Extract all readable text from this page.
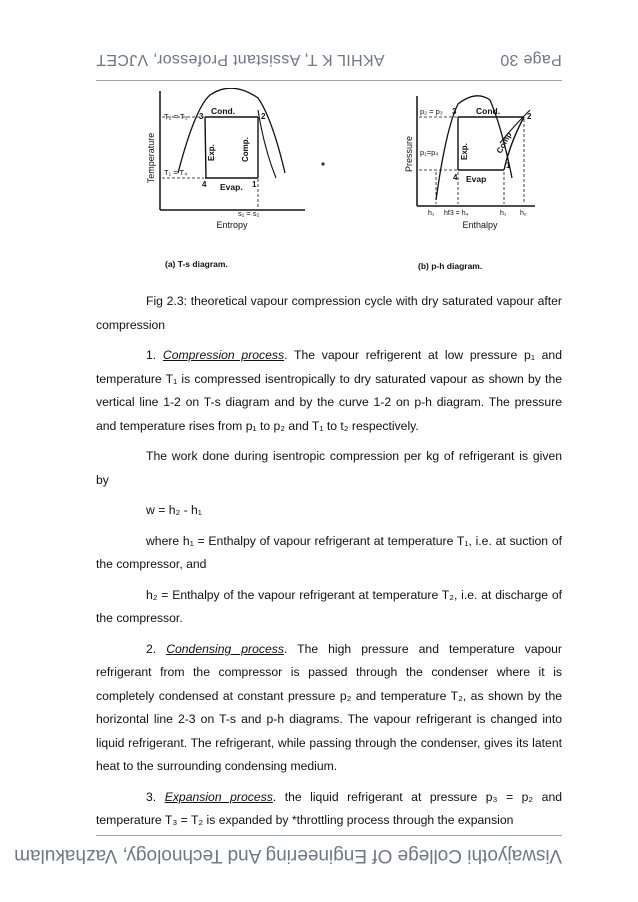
AKHIL K T, Assistant Professor, VJCET	Page 30
Temperature
Entropy
T₂ = T₃
T₁ = T₄
3	2
4	1
Cond.
Exp.	Comp.
Evap.
s₁ = s₂
(a) T-s diagram.
Pressure
Enthalpy
p₂ = p₃
p₁=p₄
3
2
4
1
Cond.
Exp.	Comp
Evap
h₁ hf3 = h₄	h₁ h₂
(b) p-h diagram.

Fig 2.3: theoretical vapour compression cycle with dry saturated vapour after compression

1. Compression process. The vapour refrigerent at low pressure p₁ and temperature T₁ is compressed isentropically to dry saturated vapour as shown by the vertical line 1-2 on T-s diagram and by the curve 1-2 on p-h diagram. The pressure and temperature rises from p₁ to p₂ and T₁ to t₂ respectively.

The work done during isentropic compression per kg of refrigerant is given by

w = h₂ - h₁

where h₁ = Enthalpy of vapour refrigerant at temperature T₁, i.e. at suction of the compressor, and

h₂ = Enthalpy of the vapour refrigerant at temperature T₂, i.e. at discharge of the compressor.

2. Condensing process. The high pressure and temperature vapour refrigerant from the compressor is passed through the condenser where it is completely condensed at constant pressure p₂ and temperature T₂, as shown by the horizontal line 2-3 on T-s and p-h diagrams. The vapour refrigerant is changed into liquid refrigerant. The refrigerant, while passing through the condenser, gives its latent heat to the surrounding condensing medium.

3. Expansion process. the liquid refrigerant at pressure p₃ = p₂ and temperature T₃ = T₂ is expanded by *throttling process through the expansion

Viswajyothi College Of Engineering And Technology, Vazhakulam
